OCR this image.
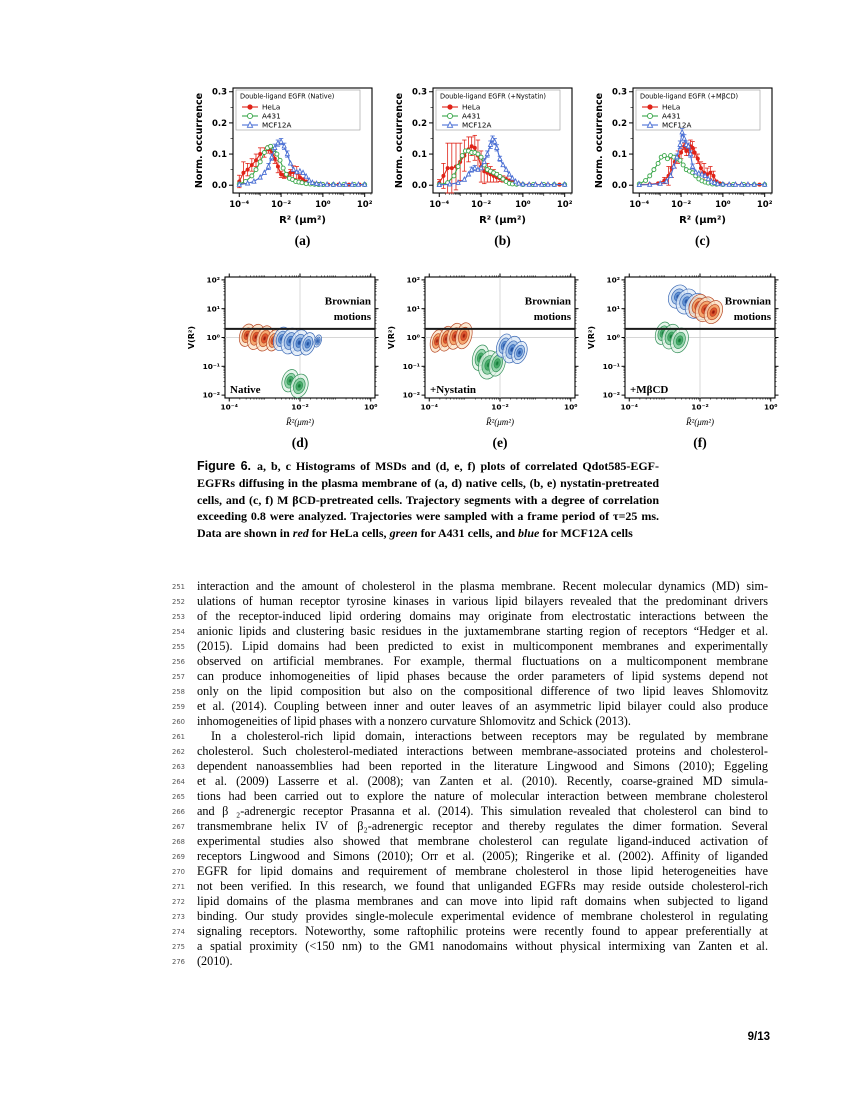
0.0
0.1
0.2
0.3
10⁻⁴	10⁻²	10⁰	10²
Norm. occurrence
R² (μm²)
Double-ligand EGFR (Native)
HeLa
A431
MCF12A
(a)
0.0
0.1
0.2
0.3
10⁻⁴	10⁻²	10⁰	10²
Norm. occurrence
R² (μm²)
Double-ligand EGFR (+Nystatin)
HeLa
A431
MCF12A
(b)
0.0
0.1
0.2
0.3
10⁻⁴	10⁻²	10⁰	10²
Norm. occurrence
R² (μm²)
Double-ligand EGFR (+MβCD)
HeLa
A431
MCF12A
(c)
10²
10¹
10⁰
10⁻¹
10⁻²
10⁻⁴	10⁻²	10⁰
V(R²)
R̄²(μm²)
Native
Brownian
motions
(d)
10²
10¹
10⁰
10⁻¹
10⁻²
10⁻⁴	10⁻²	10⁰
V(R²)
R̄²(μm²)
+Nystatin
Brownian
motions
(e)
10²
10¹
10⁰
10⁻¹
10⁻²
10⁻⁴	10⁻²	10⁰
V(R²)
R̄²(μm²)
+MβCD
Brownian
motions
(f)
Figure 6. a, b, c Histograms of MSDs and (d, e, f) plots of correlated Qdot585-EGF-EGFRs diffusing in the plasma membrane of (a, d) native cells, (b, e) nystatin-pretreated cells, and (c, f) M βCD-pretreated cells. Trajectory segments with a degree of correlation exceeding 0.8 were analyzed. Trajectories were sampled with a frame period of τ=25 ms. Data are shown in red for HeLa cells, green for A431 cells, and blue for MCF12A cells
251 interaction and the amount of cholesterol in the plasma membrane. Recent molecular dynamics (MD) sim-
252 ulations of human receptor tyrosine kinases in various lipid bilayers revealed that the predominant drivers
253 of the receptor-induced lipid ordering domains may originate from electrostatic interactions between the
254 anionic lipids and clustering basic residues in the juxtamembrane starting region of receptors “Hedger et al.
255 (2015). Lipid domains had been predicted to exist in multicomponent membranes and experimentally
256 observed on artificial membranes. For example, thermal fluctuations on a multicomponent membrane
257 can produce inhomogeneities of lipid phases because the order parameters of lipid systems depend not
258 only on the lipid composition but also on the compositional difference of two lipid leaves Shlomovitz
259 et al. (2014). Coupling between inner and outer leaves of an asymmetric lipid bilayer could also produce
260 inhomogeneities of lipid phases with a nonzero curvature Shlomovitz and Schick (2013).
261	In a cholesterol-rich lipid domain, interactions between receptors may be regulated by membrane
262 cholesterol. Such cholesterol-mediated interactions between membrane-associated proteins and cholesterol-
263 dependent nanoassemblies had been reported in the literature Lingwood and Simons (2010); Eggeling
264 et al. (2009) Lasserre et al. (2008); van Zanten et al. (2010). Recently, coarse-grained MD simula-
265 tions had been carried out to explore the nature of molecular interaction between membrane cholesterol
266 and β ₂-adrenergic receptor Prasanna et al. (2014). This simulation revealed that cholesterol can bind to
267 transmembrane helix IV of β₂-adrenergic receptor and thereby regulates the dimer formation. Several
268 experimental studies also showed that membrane cholesterol can regulate ligand-induced activation of
269 receptors Lingwood and Simons (2010); Orr et al. (2005); Ringerike et al. (2002). Affinity of liganded
270 EGFR for lipid domains and requirement of membrane cholesterol in those lipid heterogeneities have
271 not been verified. In this research, we found that unliganded EGFRs may reside outside cholesterol-rich
272 lipid domains of the plasma membranes and can move into lipid raft domains when subjected to ligand
273 binding. Our study provides single-molecule experimental evidence of membrane cholesterol in regulating
274 signaling receptors. Noteworthy, some raftophilic proteins were recently found to appear preferentially at
275 a spatial proximity (<150 nm) to the GM1 nanodomains without physical intermixing van Zanten et al.
276 (2010).
9/13
